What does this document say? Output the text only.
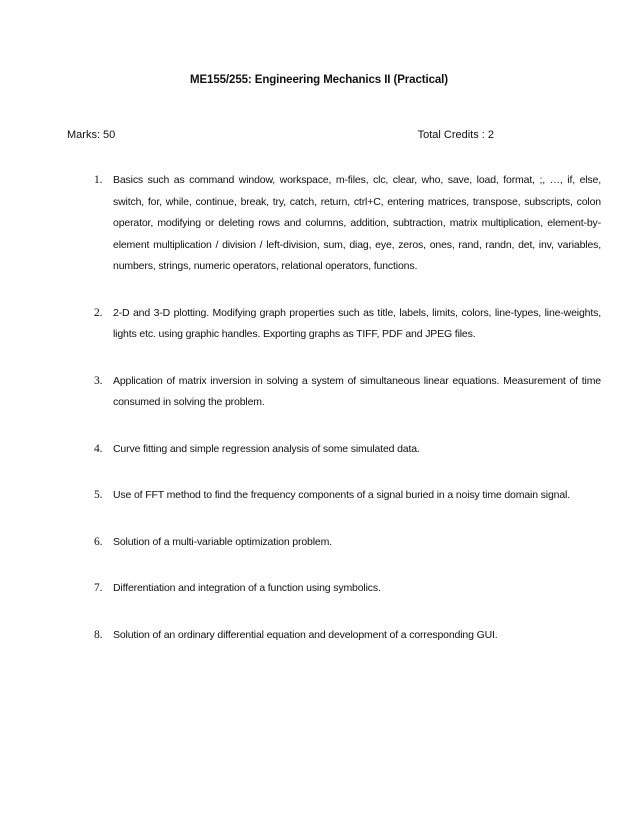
ME155/255: Engineering Mechanics II (Practical)
Marks: 50	Total Credits : 2
1. Basics such as command window, workspace, m-files, clc, clear, who, save, load, format, ;, …, if, else, switch, for, while, continue, break, try, catch, return, ctrl+C, entering matrices, transpose, subscripts, colon operator, modifying or deleting rows and columns, addition, subtraction, matrix multiplication, element-by-element multiplication / division / left-division, sum, diag, eye, zeros, ones, rand, randn, det, inv, variables, numbers, strings, numeric operators, relational operators, functions.
2. 2-D and 3-D plotting. Modifying graph properties such as title, labels, limits, colors, line-types, line-weights, lights etc. using graphic handles. Exporting graphs as TIFF, PDF and JPEG files.
3. Application of matrix inversion in solving a system of simultaneous linear equations. Measurement of time consumed in solving the problem.
4. Curve fitting and simple regression analysis of some simulated data.
5. Use of FFT method to find the frequency components of a signal buried in a noisy time domain signal.
6. Solution of a multi-variable optimization problem.
7. Differentiation and integration of a function using symbolics.
8. Solution of an ordinary differential equation and development of a corresponding GUI.
